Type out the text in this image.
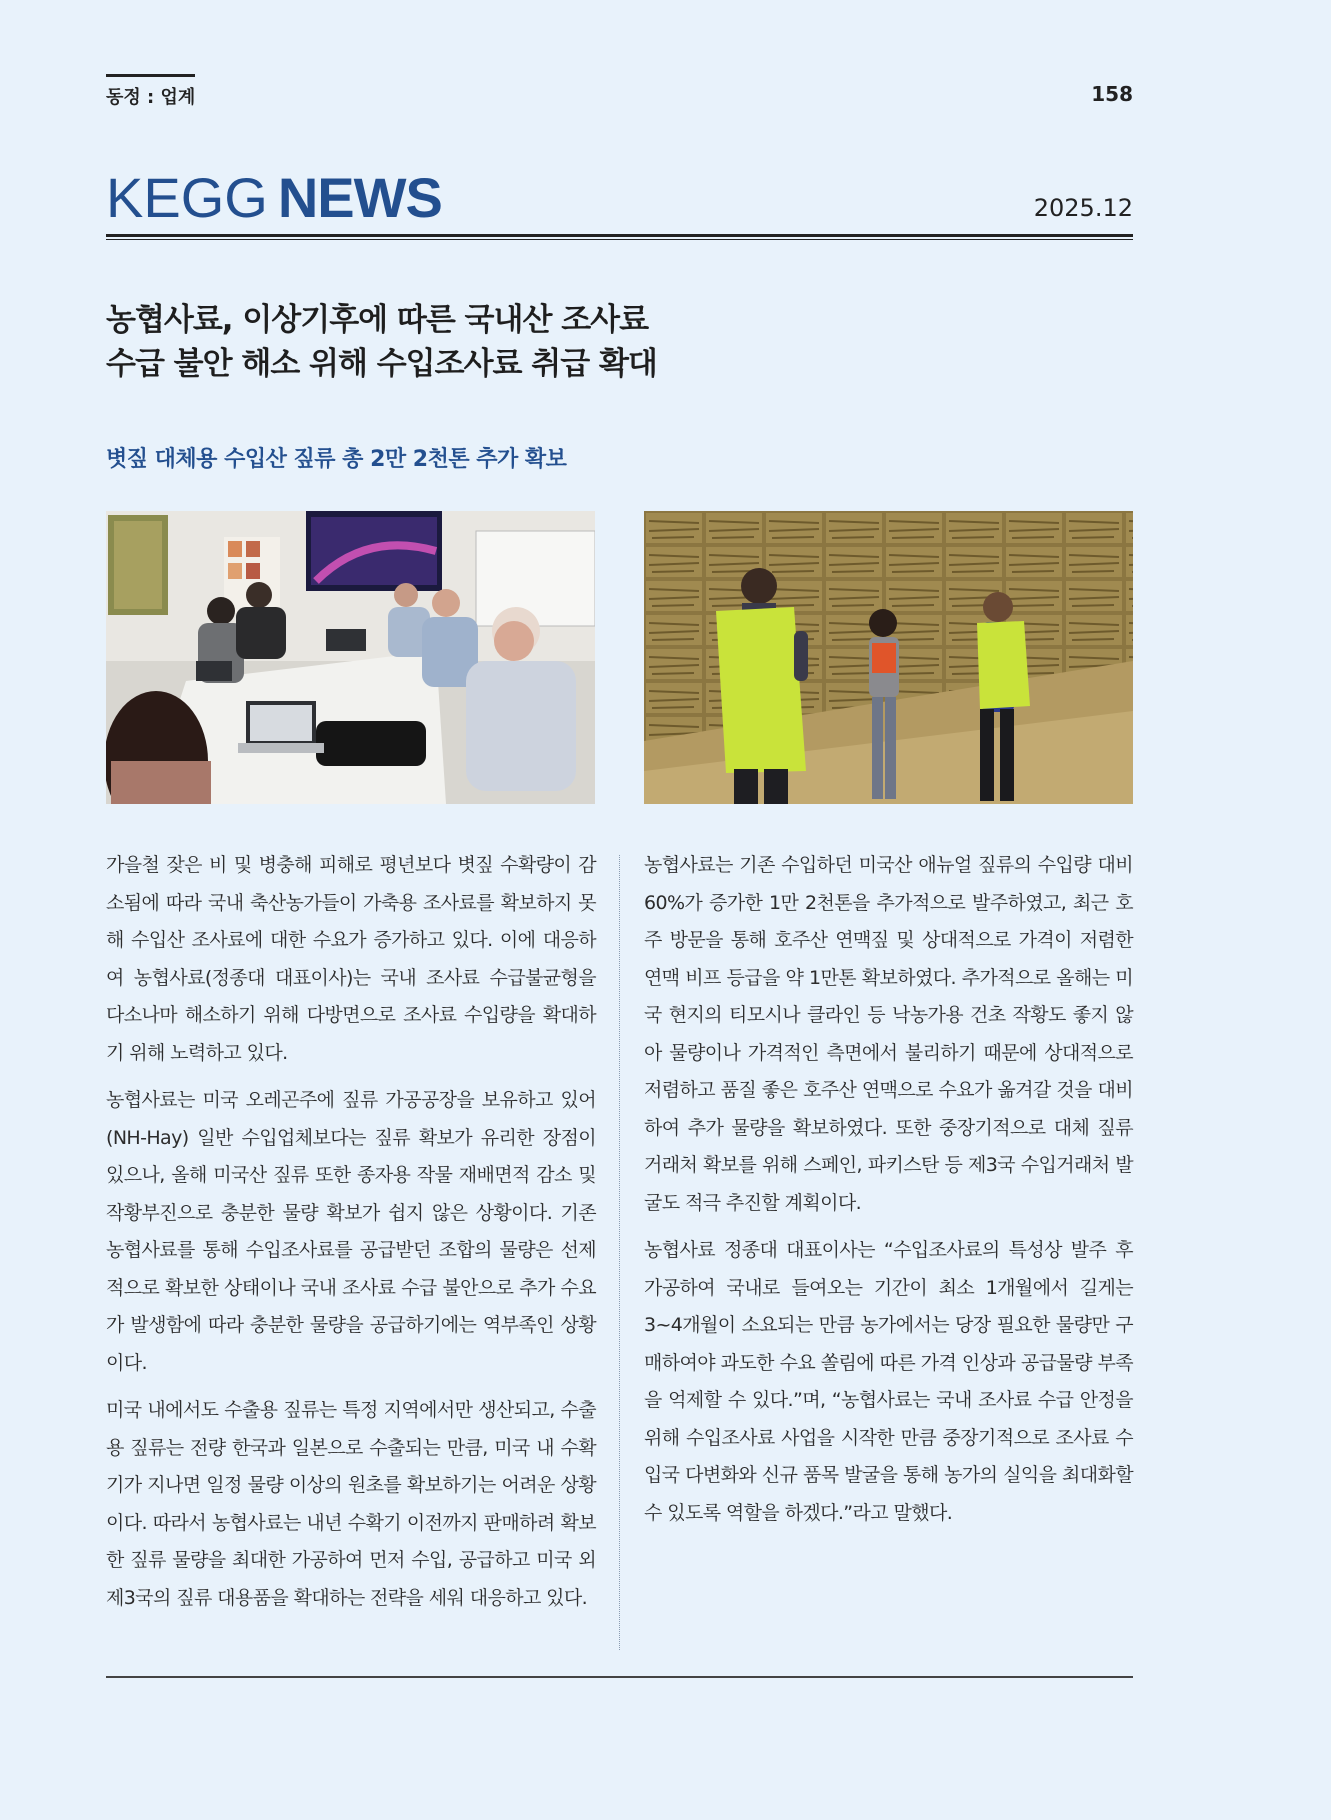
동정 : 업계	158
KEGG NEWS	2025.12
농협사료, 이상기후에 따른 국내산 조사료
수급 불안 해소 위해 수입조사료 취급 확대
볏짚 대체용 수입산 짚류 총 2만 2천톤 추가 확보

가을철 잦은 비 및 병충해 피해로 평년보다 볏짚 수확량이 감소됨에 따라 국내 축산농가들이 가축용 조사료를 확보하지 못해 수입산 조사료에 대한 수요가 증가하고 있다. 이에 대응하여 농협사료(정종대 대표이사)는 국내 조사료 수급불균형을 다소나마 해소하기 위해 다방면으로 조사료 수입량을 확대하기 위해 노력하고 있다.

농협사료는 미국 오레곤주에 짚류 가공공장을 보유하고 있어(NH-Hay) 일반 수입업체보다는 짚류 확보가 유리한 장점이 있으나, 올해 미국산 짚류 또한 종자용 작물 재배면적 감소 및 작황부진으로 충분한 물량 확보가 쉽지 않은 상황이다. 기존 농협사료를 통해 수입조사료를 공급받던 조합의 물량은 선제적으로 확보한 상태이나 국내 조사료 수급 불안으로 추가 수요가 발생함에 따라 충분한 물량을 공급하기에는 역부족인 상황이다.

미국 내에서도 수출용 짚류는 특정 지역에서만 생산되고, 수출용 짚류는 전량 한국과 일본으로 수출되는 만큼, 미국 내 수확기가 지나면 일정 물량 이상의 원초를 확보하기는 어려운 상황이다. 따라서 농협사료는 내년 수확기 이전까지 판매하려 확보한 짚류 물량을 최대한 가공하여 먼저 수입, 공급하고 미국 외 제3국의 짚류 대용품을 확대하는 전략을 세워 대응하고 있다.

농협사료는 기존 수입하던 미국산 애뉴얼 짚류의 수입량 대비 60%가 증가한 1만 2천톤을 추가적으로 발주하였고, 최근 호주 방문을 통해 호주산 연맥짚 및 상대적으로 가격이 저렴한 연맥 비프 등급을 약 1만톤 확보하였다. 추가적으로 올해는 미국 현지의 티모시나 클라인 등 낙농가용 건초 작황도 좋지 않아 물량이나 가격적인 측면에서 불리하기 때문에 상대적으로 저렴하고 품질 좋은 호주산 연맥으로 수요가 옮겨갈 것을 대비하여 추가 물량을 확보하였다. 또한 중장기적으로 대체 짚류 거래처 확보를 위해 스페인, 파키스탄 등 제3국 수입거래처 발굴도 적극 추진할 계획이다.

농협사료 정종대 대표이사는 “수입조사료의 특성상 발주 후 가공하여 국내로 들여오는 기간이 최소 1개월에서 길게는 3~4개월이 소요되는 만큼 농가에서는 당장 필요한 물량만 구매하여야 과도한 수요 쏠림에 따른 가격 인상과 공급물량 부족을 억제할 수 있다.”며, “농협사료는 국내 조사료 수급 안정을 위해 수입조사료 사업을 시작한 만큼 중장기적으로 조사료 수입국 다변화와 신규 품목 발굴을 통해 농가의 실익을 최대화할 수 있도록 역할을 하겠다.”라고 말했다.
